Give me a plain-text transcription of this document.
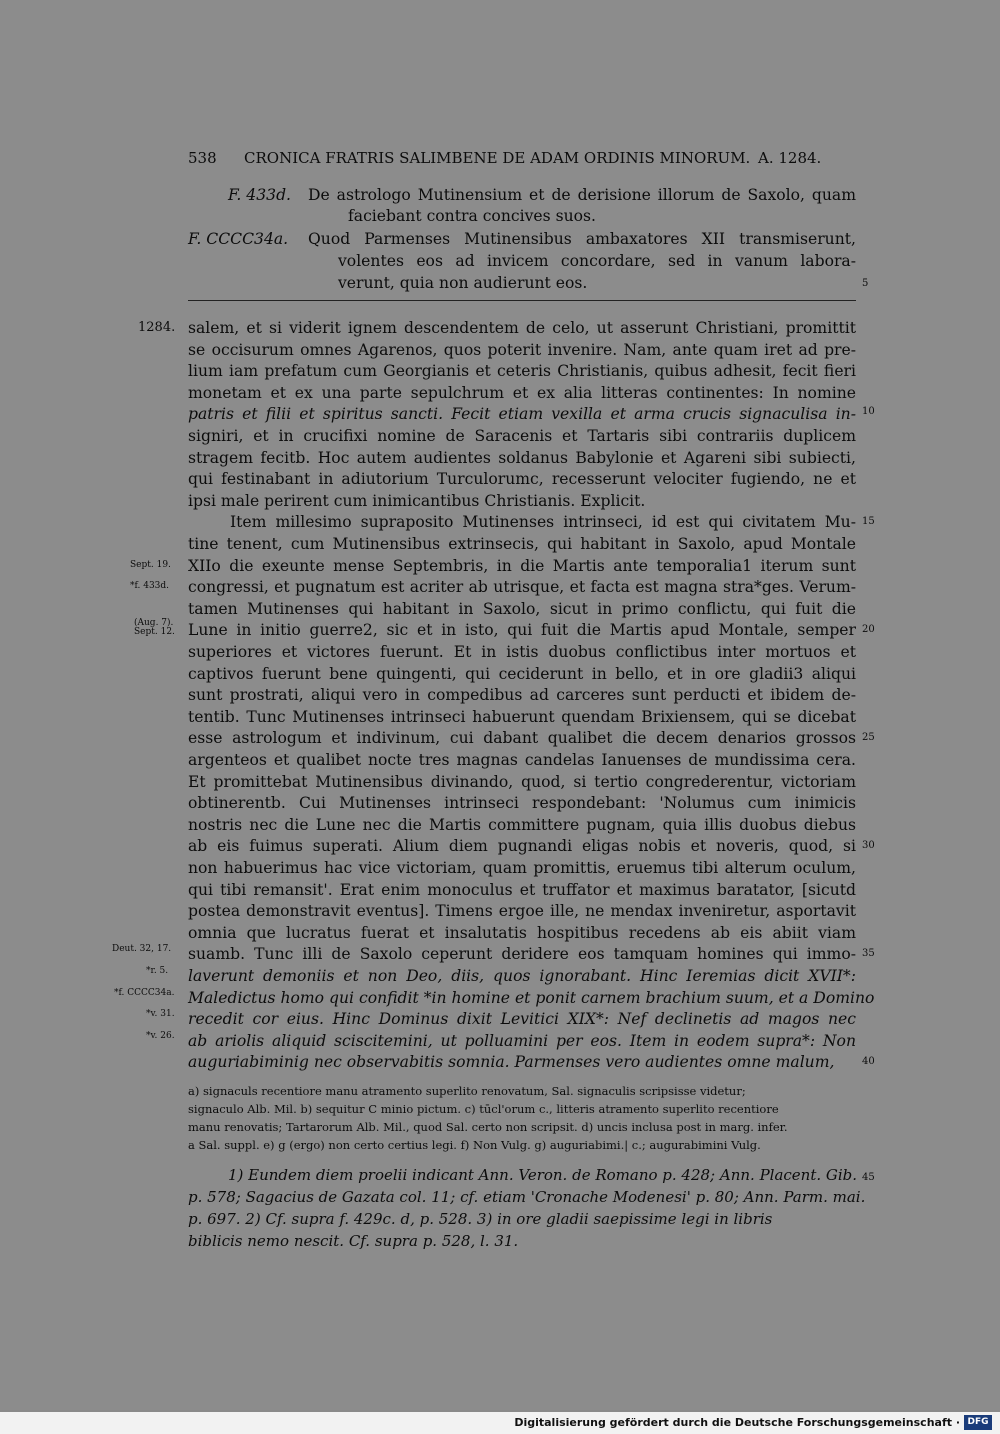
538 CRONICA FRATRIS SALIMBENE DE ADAM ORDINIS MINORUM. A. 1284.
F. 433d. De astrologo Mutinensium et de derisione illorum de Saxolo, quam
faciebant contra concives suos.
F. CCCC34a. Quod Parmenses Mutinensibus ambaxatores XII transmiserunt,
volentes eos ad invicem concordare, sed in vanum labora-
verunt, quia non audierunt eos.	5
1284.
Sept. 19.
*f. 433d.
(Aug. 7).
Sept. 12.
Deut. 32, 17.
*r. 5.
*f. CCCC34a.
*v. 31.
*v. 26.
10
15
20
25
30
35
40
45
salem, et si viderit ignem descendentem de celo, ut asserunt Christiani, promittit
se occisurum omnes Agarenos, quos poterit invenire. Nam, ante quam iret ad pre-
lium iam prefatum cum Georgianis et ceteris Christianis, quibus adhesit, fecit fieri
monetam et ex una parte sepulchrum et ex alia litteras continentes: In nomine
patris et filii et spiritus sancti. Fecit etiam vexilla et arma crucis signaculisa in-
signiri, et in crucifixi nomine de Saracenis et Tartaris sibi contrariis duplicem
stragem fecitb. Hoc autem audientes soldanus Babylonie et Agareni sibi subiecti,
qui festinabant in adiutorium Turculorumc, recesserunt velociter fugiendo, ne et
ipsi male perirent cum inimicantibus Christianis. Explicit.
Item millesimo supraposito Mutinenses intrinseci, id est qui civitatem Mu-
tine tenent, cum Mutinensibus extrinsecis, qui habitant in Saxolo, apud Montale
XIIo die exeunte mense Septembris, in die Martis ante temporalia1 iterum sunt
congressi, et pugnatum est acriter ab utrisque, et facta est magna stra*ges. Verum-
tamen Mutinenses qui habitant in Saxolo, sicut in primo conflictu, qui fuit die
Lune in initio guerre2, sic et in isto, qui fuit die Martis apud Montale, semper
superiores et victores fuerunt. Et in istis duobus conflictibus inter mortuos et
captivos fuerunt bene quingenti, qui ceciderunt in bello, et in ore gladii3 aliqui
sunt prostrati, aliqui vero in compedibus ad carceres sunt perducti et ibidem de-
tentib. Tunc Mutinenses intrinseci habuerunt quendam Brixiensem, qui se dicebat
esse astrologum et indivinum, cui dabant qualibet die decem denarios grossos
argenteos et qualibet nocte tres magnas candelas Ianuenses de mundissima cera.
Et promittebat Mutinensibus divinando, quod, si tertio congrederentur, victoriam
obtinerentb. Cui Mutinenses intrinseci respondebant: 'Nolumus cum inimicis
nostris nec die Lune nec die Martis committere pugnam, quia illis duobus diebus
ab eis fuimus superati. Alium diem pugnandi eligas nobis et noveris, quod, si
non habuerimus hac vice victoriam, quam promittis, eruemus tibi alterum oculum,
qui tibi remansit'. Erat enim monoculus et truffator et maximus baratator, [sicutd
postea demonstravit eventus]. Timens ergoe ille, ne mendax inveniretur, asportavit
omnia que lucratus fuerat et insalutatis hospitibus recedens ab eis abiit viam
suamb. Tunc illi de Saxolo ceperunt deridere eos tamquam homines qui immo-
laverunt demoniis et non Deo, diis, quos ignorabant. Hinc Ieremias dicit XVII*:
Maledictus homo qui confidit *in homine et ponit carnem brachium suum, et a Domino
recedit cor eius. Hinc Dominus dixit Levitici XIX*: Nef declinetis ad magos nec
ab ariolis aliquid sciscitemini, ut polluamini per eos. Item in eodem supra*: Non
auguriabiminig nec observabitis somnia. Parmenses vero audientes omne malum,
a) signaculs recentiore manu atramento superlito renovatum, Sal. signaculis scripsisse videtur;
signaculo Alb. Mil. b) sequitur C minio pictum. c) tūcl'orum c., litteris atramento superlito recentiore
manu renovatis; Tartarorum Alb. Mil., quod Sal. certo non scripsit. d) uncis inclusa post in marg. infer.
a Sal. suppl. e) g (ergo) non certo certius legi. f) Non Vulg. g) auguriabimi.| c.; augurabimini Vulg.
1) Eundem diem proelii indicant Ann. Veron. de Romano p. 428; Ann. Placent. Gib.
p. 578; Sagacius de Gazata col. 11; cf. etiam 'Cronache Modenesi' p. 80; Ann. Parm. mai.
p. 697. 2) Cf. supra f. 429c. d, p. 528. 3) in ore gladii saepissime legi in libris
biblicis nemo nescit. Cf. supra p. 528, l. 31.
Digitalisierung gefördert durch die Deutsche Forschungsgemeinschaft · DFG
